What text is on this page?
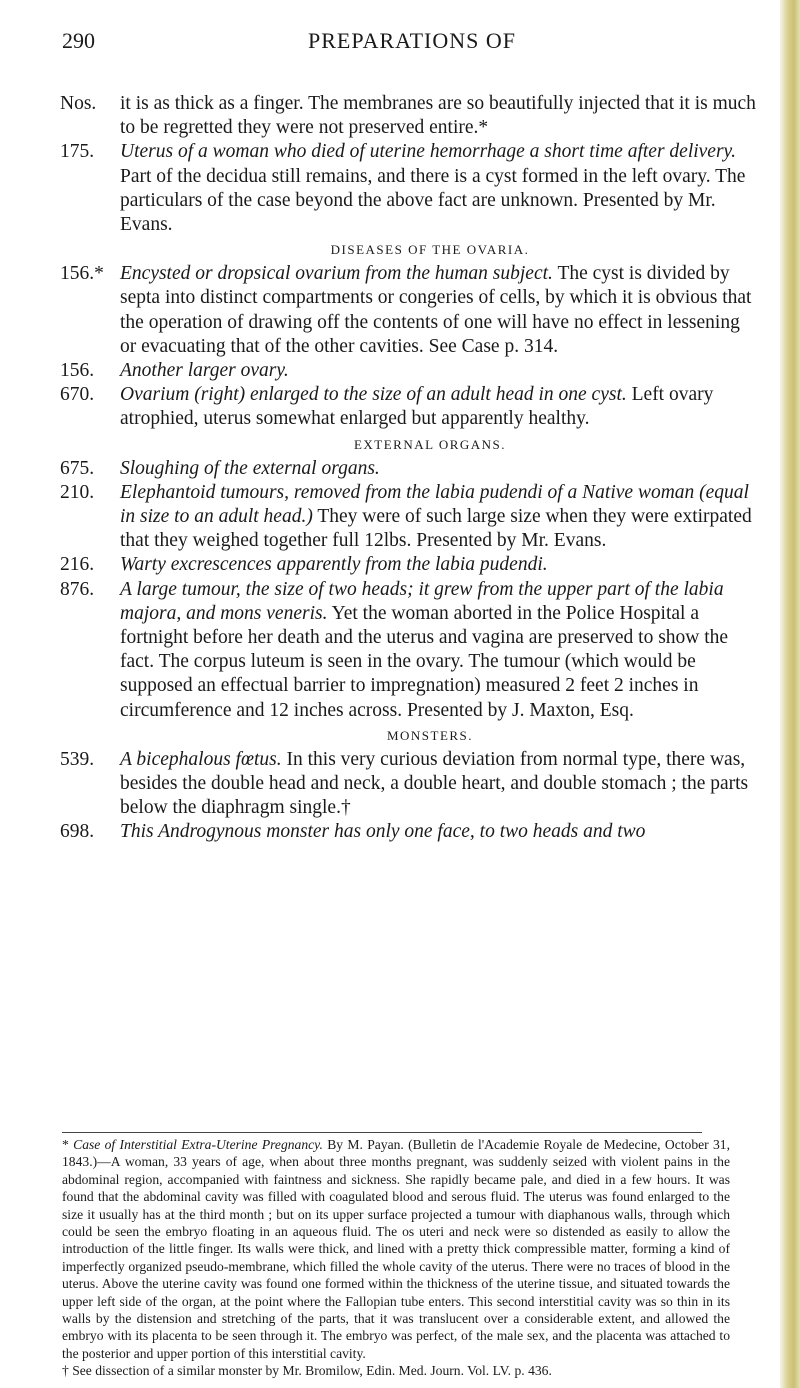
290	PREPARATIONS OF

Nos. it is as thick as a finger. The membranes are so beautifully injected that it is much to be regretted they were not preserved entire.*

175. Uterus of a woman who died of uterine hemorrhage a short time after delivery. Part of the decidua still remains, and there is a cyst formed in the left ovary. The particulars of the case beyond the above fact are unknown. Presented by Mr. Evans.

DISEASES OF THE OVARIA.

156.* Encysted or dropsical ovarium from the human subject. The cyst is divided by septa into distinct compartments or congeries of cells, by which it is obvious that the operation of drawing off the contents of one will have no effect in lessening or evacuating that of the other cavities. See Case p. 314.

156. Another larger ovary.

670. Ovarium (right) enlarged to the size of an adult head in one cyst. Left ovary atrophied, uterus somewhat enlarged but apparently healthy.

EXTERNAL ORGANS.

675. Sloughing of the external organs.

210. Elephantoid tumours, removed from the labia pudendi of a Native woman (equal in size to an adult head.) They were of such large size when they were extirpated that they weighed together full 12lbs. Presented by Mr. Evans.

216. Warty excrescences apparently from the labia pudendi.

876. A large tumour, the size of two heads; it grew from the upper part of the labia majora, and mons veneris. Yet the woman aborted in the Police Hospital a fortnight before her death and the uterus and vagina are preserved to show the fact. The corpus luteum is seen in the ovary. The tumour (which would be supposed an effectual barrier to impregnation) measured 2 feet 2 inches in circumference and 12 inches across. Presented by J. Maxton, Esq.

MONSTERS.

539. A bicephalous fœtus. In this very curious deviation from normal type, there was, besides the double head and neck, a double heart, and double stomach ; the parts below the diaphragm single.†

698. This Androgynous monster has only one face, to two heads and two

* Case of Interstitial Extra-Uterine Pregnancy. By M. Payan. (Bulletin de l'Academie Royale de Medecine, October 31, 1843.)—A woman, 33 years of age, when about three months pregnant, was suddenly seized with violent pains in the abdominal region, accompanied with faintness and sickness. She rapidly became pale, and died in a few hours. It was found that the abdominal cavity was filled with coagulated blood and serous fluid. The uterus was found enlarged to the size it usually has at the third month ; but on its upper surface projected a tumour with diaphanous walls, through which could be seen the embryo floating in an aqueous fluid. The os uteri and neck were so distended as easily to allow the introduction of the little finger. Its walls were thick, and lined with a pretty thick compressible matter, forming a kind of imperfectly organized pseudo-membrane, which filled the whole cavity of the uterus. There were no traces of blood in the uterus. Above the uterine cavity was found one formed within the thickness of the uterine tissue, and situated towards the upper left side of the organ, at the point where the Fallopian tube enters. This second interstitial cavity was so thin in its walls by the distension and stretching of the parts, that it was translucent over a considerable extent, and allowed the embryo with its placenta to be seen through it. The embryo was perfect, of the male sex, and the placenta was attached to the posterior and upper portion of this interstitial cavity.

† See dissection of a similar monster by Mr. Bromilow, Edin. Med. Journ. Vol. LV. p. 436.
